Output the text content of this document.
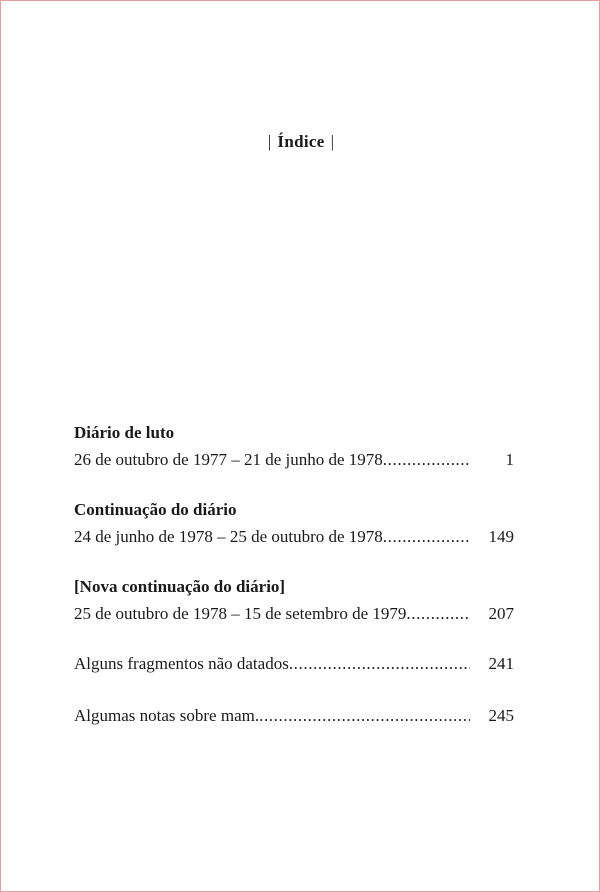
| Índice |
Diário de luto
26 de outubro de 1977 – 21 de junho de 1978 .....	1
Continuação do diário
24 de junho de 1978 – 25 de outubro de 1978 .....	149
[Nova continuação do diário]
25 de outubro de 1978 – 15 de setembro de 1979 .....	207
Alguns fragmentos não datados .....	241
Algumas notas sobre mam. .....	245
